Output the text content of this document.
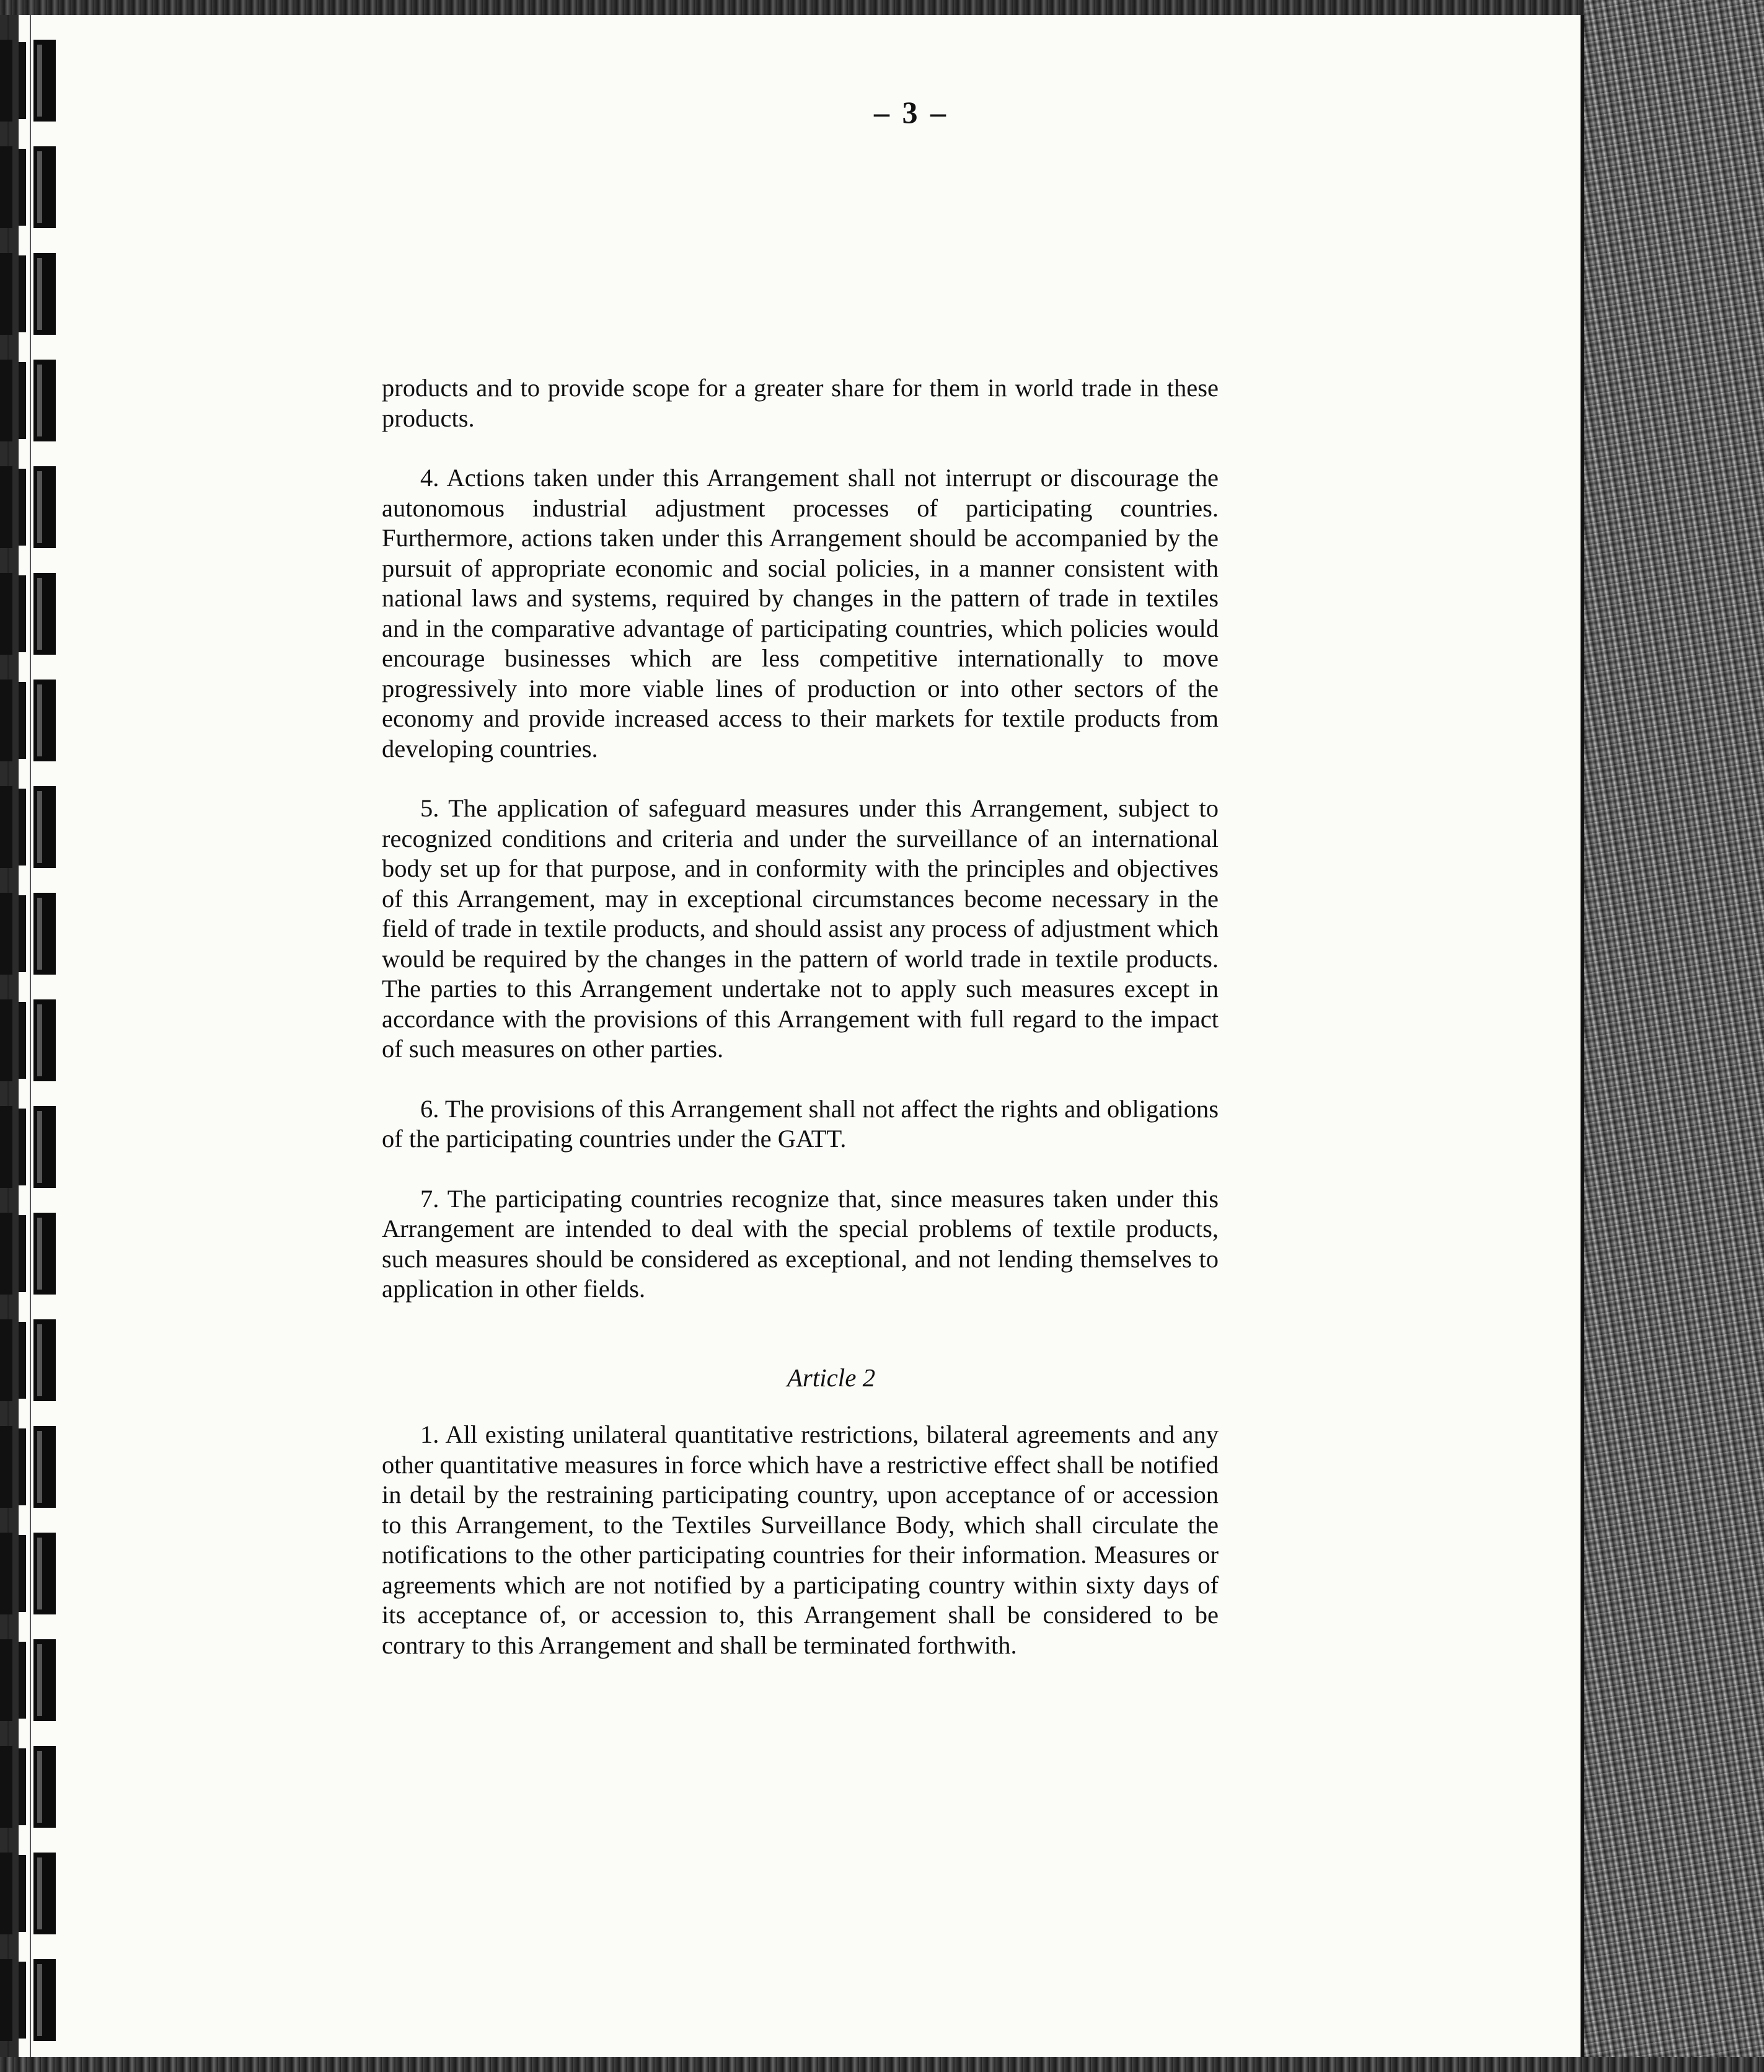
– 3 –

products and to provide scope for a greater share for them in world trade in these products.

4. Actions taken under this Arrangement shall not interrupt or discourage the autonomous industrial adjustment processes of participating countries. Furthermore, actions taken under this Arrangement should be accompanied by the pursuit of appropriate economic and social policies, in a manner consistent with national laws and systems, required by changes in the pattern of trade in textiles and in the comparative advantage of participating countries, which policies would encourage businesses which are less competitive internationally to move progressively into more viable lines of production or into other sectors of the economy and provide increased access to their markets for textile products from developing countries.

5. The application of safeguard measures under this Arrangement, subject to recognized conditions and criteria and under the surveillance of an international body set up for that purpose, and in conformity with the principles and objectives of this Arrangement, may in exceptional circumstances become necessary in the field of trade in textile products, and should assist any process of adjustment which would be required by the changes in the pattern of world trade in textile products. The parties to this Arrangement undertake not to apply such measures except in accordance with the provisions of this Arrangement with full regard to the impact of such measures on other parties.

6. The provisions of this Arrangement shall not affect the rights and obligations of the participating countries under the GATT.

7. The participating countries recognize that, since measures taken under this Arrangement are intended to deal with the special problems of textile products, such measures should be considered as exceptional, and not lending themselves to application in other fields.

Article 2

1. All existing unilateral quantitative restrictions, bilateral agreements and any other quantitative measures in force which have a restrictive effect shall be notified in detail by the restraining participating country, upon acceptance of or accession to this Arrangement, to the Textiles Surveillance Body, which shall circulate the notifications to the other participating countries for their information. Measures or agreements which are not notified by a participating country within sixty days of its acceptance of, or accession to, this Arrangement shall be considered to be contrary to this Arrangement and shall be terminated forthwith.
